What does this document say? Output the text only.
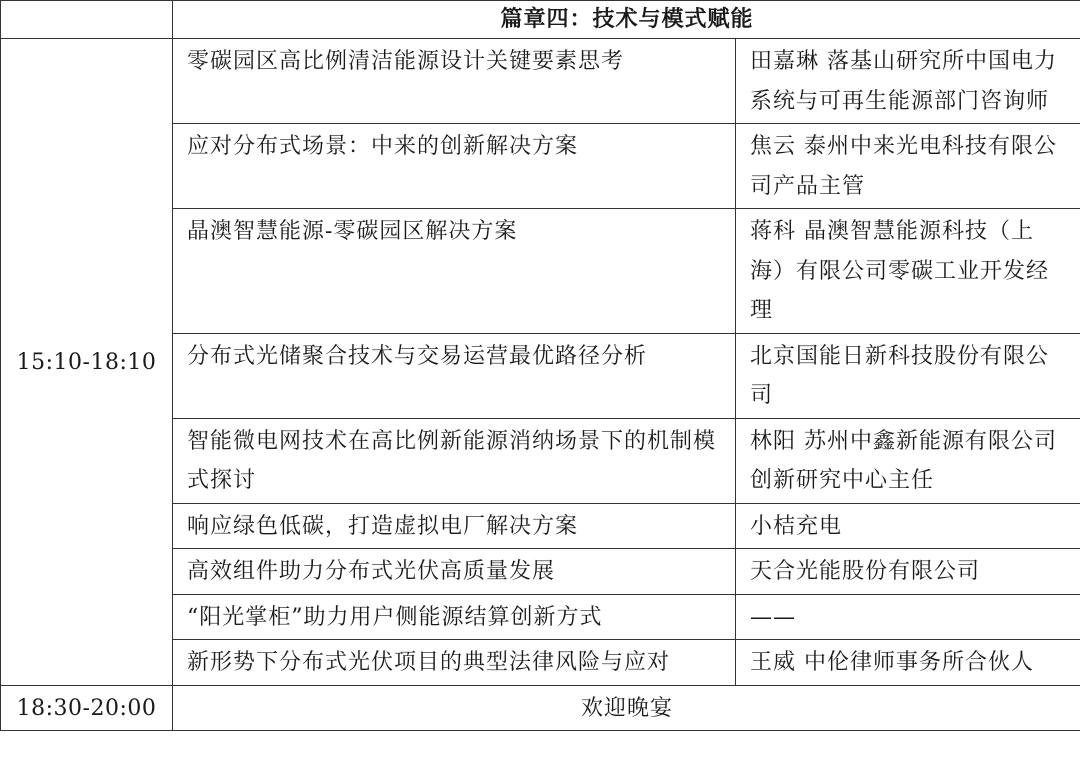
	篇章四：技术与模式赋能	
15:10-18:10	零碳园区高比例清洁能源设计关键要素思考	田嘉琳 落基山研究所中国电力系统与可再生能源部门咨询师
	应对分布式场景：中来的创新解决方案	焦云 泰州中来光电科技有限公司产品主管
	晶澳智慧能源-零碳园区解决方案	蒋科 晶澳智慧能源科技（上海）有限公司零碳工业开发经理
	分布式光储聚合技术与交易运营最优路径分析	北京国能日新科技股份有限公司
	智能微电网技术在高比例新能源消纳场景下的机制模式探讨	林阳 苏州中鑫新能源有限公司创新研究中心主任
	响应绿色低碳，打造虚拟电厂解决方案	小桔充电
	高效组件助力分布式光伏高质量发展	天合光能股份有限公司
	“阳光掌柜”助力用户侧能源结算创新方式	——
	新形势下分布式光伏项目的典型法律风险与应对	王威 中伦律师事务所合伙人
18:30-20:00	欢迎晚宴	
